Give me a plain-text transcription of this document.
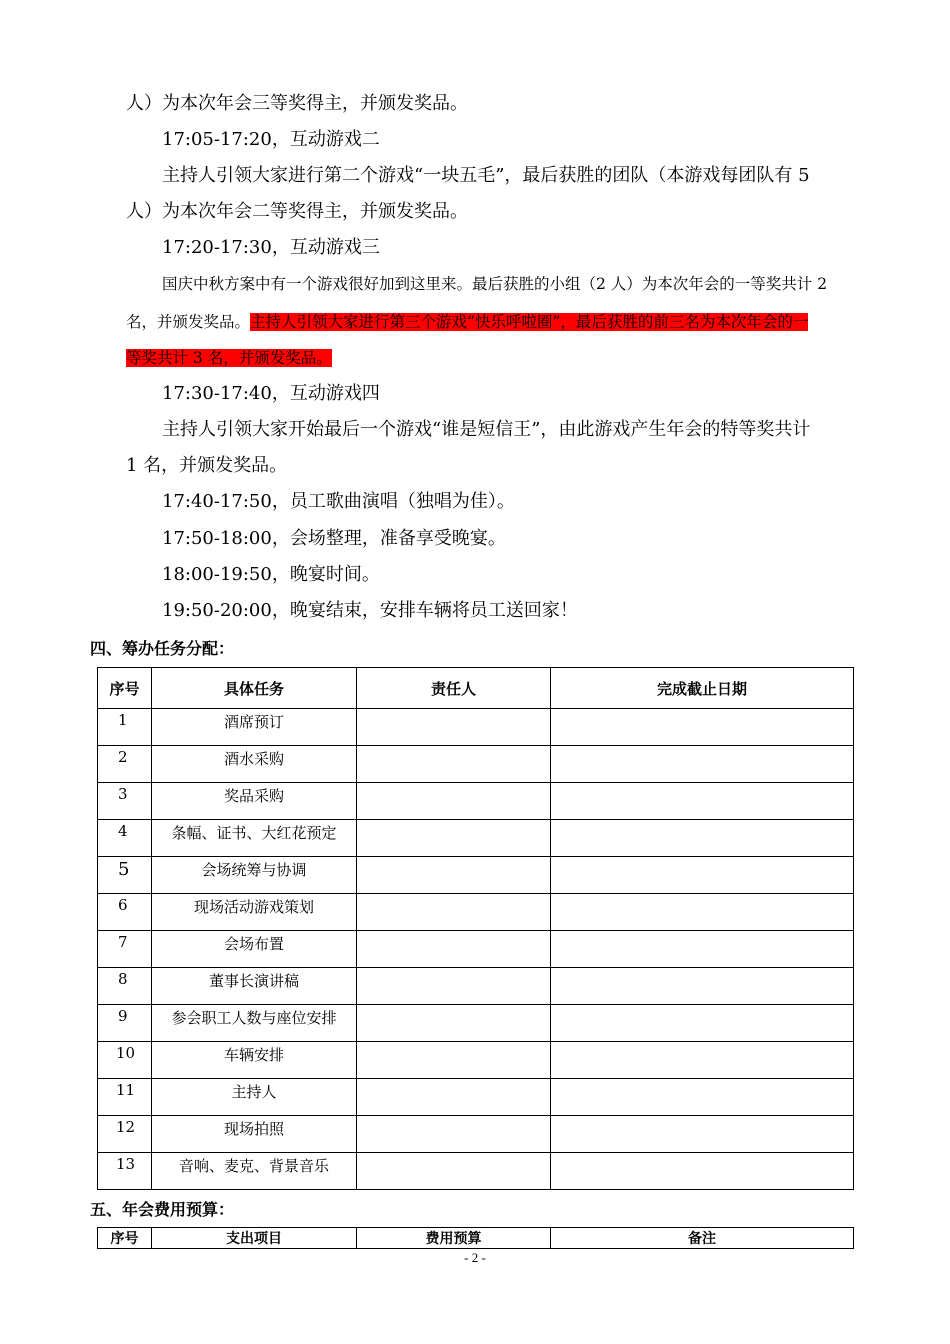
人）为本次年会三等奖得主，并颁发奖品。
17:05-17:20，互动游戏二
主持人引领大家进行第二个游戏“一块五毛”，最后获胜的团队（本游戏每团队有 5
人）为本次年会二等奖得主，并颁发奖品。
17:20-17:30，互动游戏三
国庆中秋方案中有一个游戏很好加到这里来。最后获胜的小组（2 人）为本次年会的一等奖共计 2
名，并颁发奖品。主持人引领大家进行第三个游戏“快乐呼啦圈”，最后获胜的前三名为本次年会的一
等奖共计 3 名，并颁发奖品。
17:30-17:40，互动游戏四
主持人引领大家开始最后一个游戏“谁是短信王”，由此游戏产生年会的特等奖共计
1 名，并颁发奖品。
17:40-17:50，员工歌曲演唱（独唱为佳）。
17:50-18:00，会场整理，准备享受晚宴。
18:00-19:50，晚宴时间。
19:50-20:00，晚宴结束，安排车辆将员工送回家！
四、筹办任务分配：
序号	具体任务	责任人	完成截止日期
1	酒席预订		
2	酒水采购		
3	奖品采购		
4	条幅、证书、大红花预定		
5	会场统筹与协调		
6	现场活动游戏策划		
7	会场布置		
8	董事长演讲稿		
9	参会职工人数与座位安排		
10	车辆安排		
11	主持人		
12	现场拍照		
13	音响、麦克、背景音乐		
五、年会费用预算：
序号	支出项目	费用预算	备注
- 2 -
